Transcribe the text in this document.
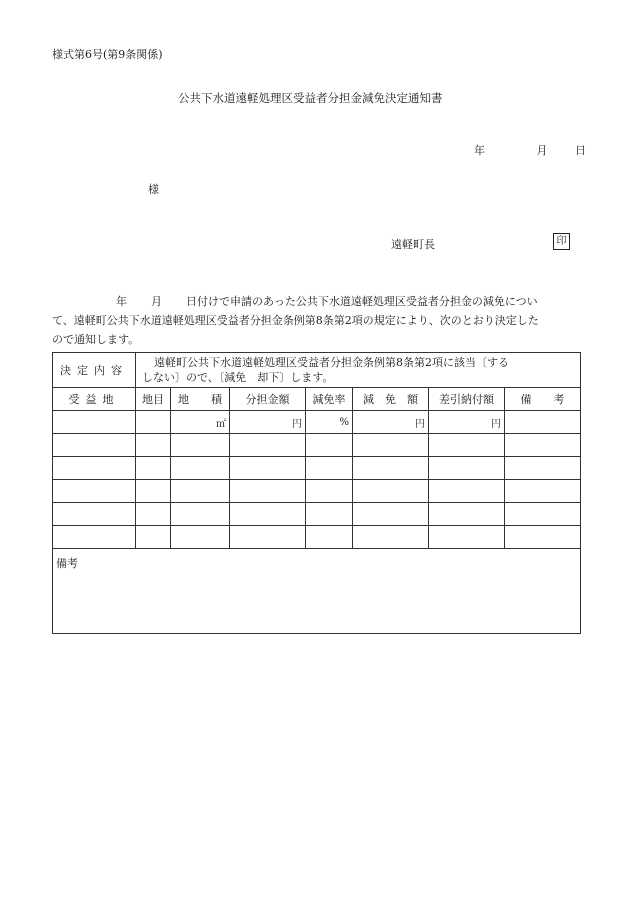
様式第6号(第9条関係)
公共下水道遠軽処理区受益者分担金減免決定通知書
年	月	日
様
遠軽町長	印
年 月 日付けで申請のあった公共下水道遠軽処理区受益者分担金の減免につい
て、遠軽町公共下水道遠軽処理区受益者分担金条例第8条第2項の規定により、次のとおり決定した
ので通知します。
決定内容	遠軽町公共下水道遠軽処理区受益者分担金条例第8条第2項に該当〔する
しない〕ので、〔減免　却下〕します。						

受益地	地目	地　　積	分担金額	減免率	減　免　額	差引納付額	備　　考
		㎡	円	%	円	円	

備考							
